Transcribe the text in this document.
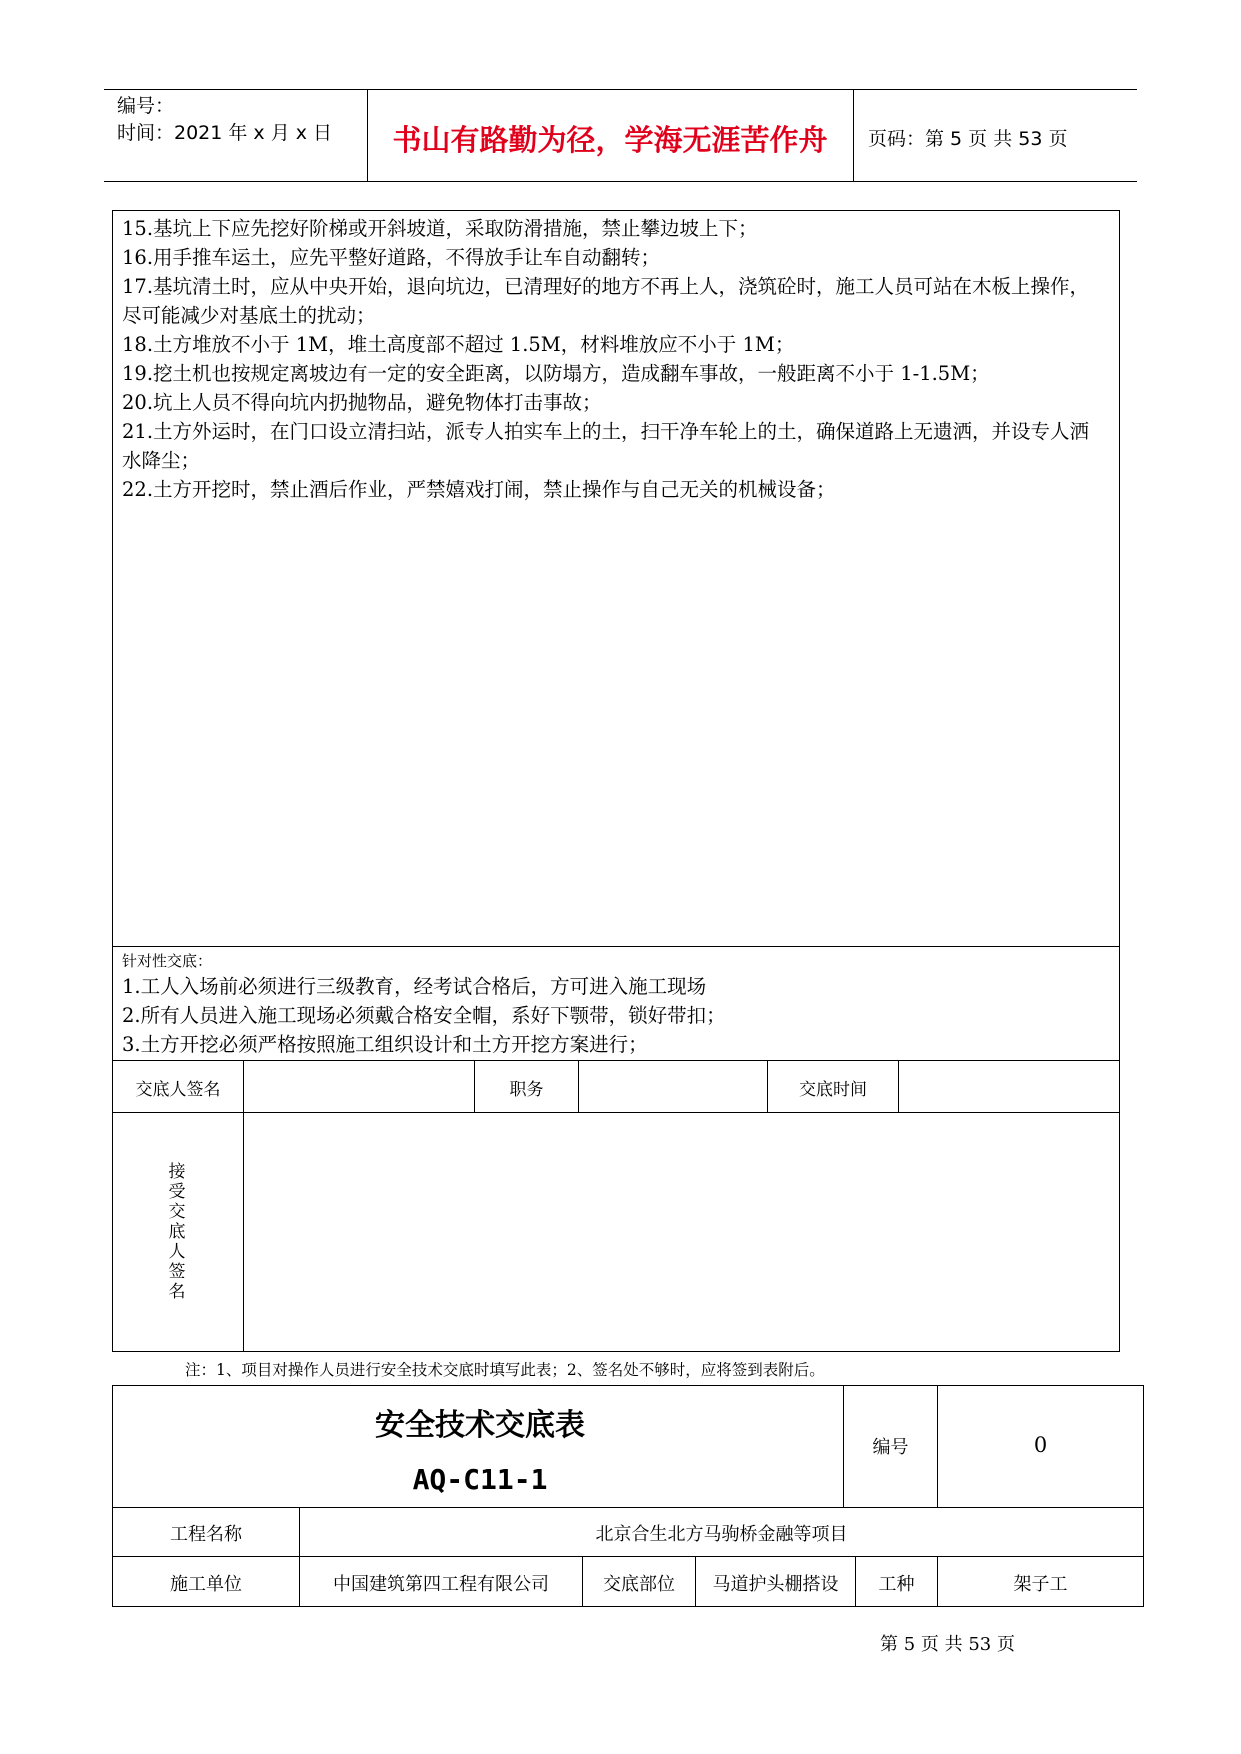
编号：
时间：2021 年 x 月 x 日	书山有路勤为径，学海无涯苦作舟	页码：第 5 页 共 53 页

15.基坑上下应先挖好阶梯或开斜坡道，采取防滑措施，禁止攀边坡上下；

16.用手推车运土，应先平整好道路，不得放手让车自动翻转；

17.基坑清土时，应从中央开始，退向坑边，已清理好的地方不再上人，浇筑砼时，施工人员可站在木板上操作，尽可能减少对基底土的扰动；

18.土方堆放不小于 1M，堆土高度部不超过 1.5M，材料堆放应不小于 1M；

19.挖土机也按规定离坡边有一定的安全距离，以防塌方，造成翻车事故，一般距离不小于 1-1.5M；

20.坑上人员不得向坑内扔抛物品，避免物体打击事故；

21.土方外运时，在门口设立清扫站，派专人拍实车上的土，扫干净车轮上的土，确保道路上无遗洒，并设专人洒水降尘；

22.土方开挖时，禁止酒后作业，严禁嬉戏打闹，禁止操作与自己无关的机械设备；

针对性交底：

1.工人入场前必须进行三级教育，经考试合格后，方可进入施工现场

2.所有人员进入施工现场必须戴合格安全帽，系好下颚带，锁好带扣；

3.土方开挖必须严格按照施工组织设计和土方开挖方案进行；

交底人签名	职务	交底时间
接受交底人签名
注：1、项目对操作人员进行安全技术交底时填写此表；2、签名处不够时，应将签到表附后。
安全技术交底表
AQ-C11-1
编号	0
工程名称	北京合生北方马驹桥金融等项目
施工单位	中国建筑第四工程有限公司	交底部位	马道护头棚搭设	工种	架子工
第 5 页 共 53 页
